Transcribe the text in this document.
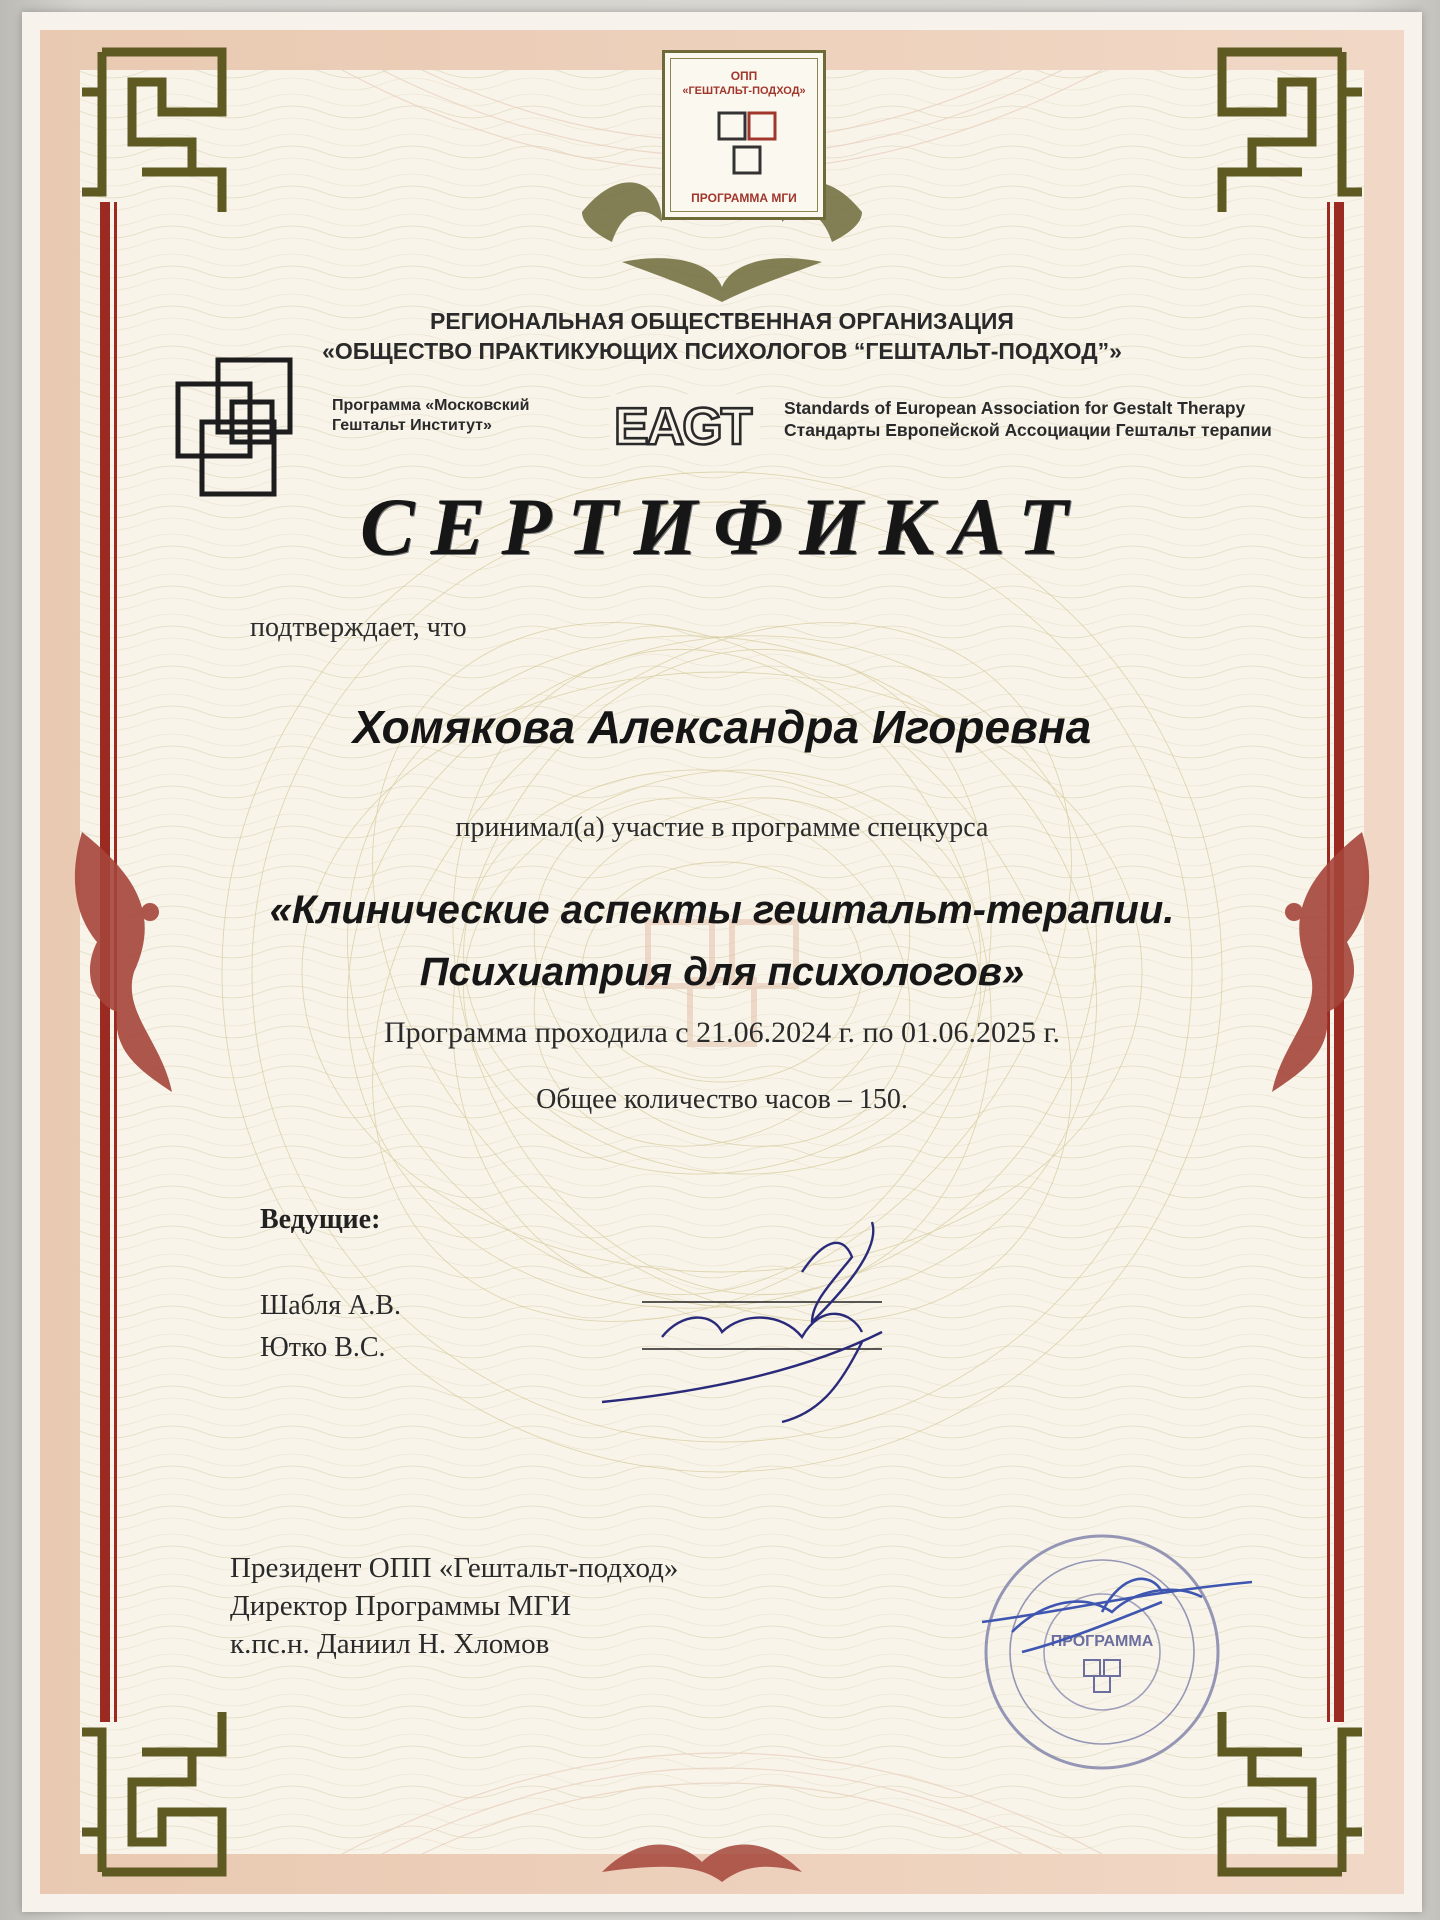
EAGT
ПРОГРАММА
ОПП
«ГЕШТАЛЬТ-ПОДХОД»
ПРОГРАММА МГИ
РЕГИОНАЛЬНАЯ ОБЩЕСТВЕННАЯ ОРГАНИЗАЦИЯ
«ОБЩЕСТВО ПРАКТИКУЮЩИХ ПСИХОЛОГОВ “ГЕШТАЛЬТ-ПОДХОД”»
Программа «Московский
Гештальт Институт»
Standards of European Association for Gestalt Therapy
Стандарты Европейской Ассоциации Гештальт терапии
СЕРТИФИКАТ
подтверждает, что
Хомякова Александра Игоревна
принимал(а) участие в программе спецкурса
«Клинические аспекты гештальт-терапии.
Психиатрия для психологов»
Программа проходила с 21.06.2024 г. по 01.06.2025 г.
Общее количество часов – 150.
Ведущие:
Шабля А.В.
Ютко В.С.
Президент ОПП «Гештальт-подход»
Директор Программы МГИ
к.пс.н. Даниил Н. Хломов
